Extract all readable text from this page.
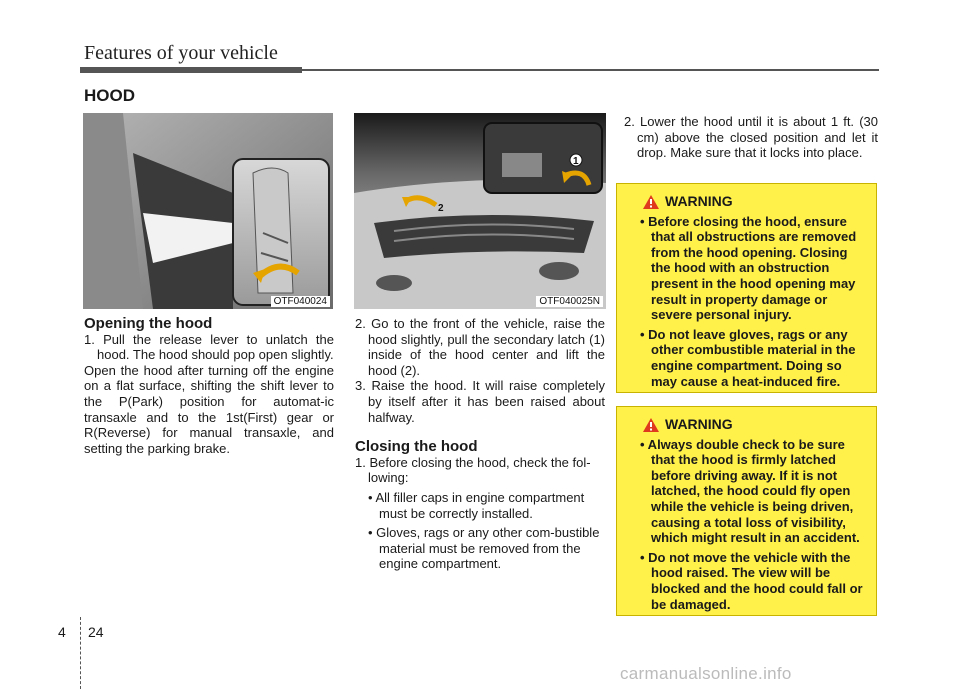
Features of your vehicle
HOOD
OTF040024
1
2
OTF040025N

Opening the hood

1. Pull the release lever to unlatch the hood. The hood should pop open slightly.

Open the hood after turning off the engine on a flat surface, shifting the shift lever to the P(Park) position for automat-ic transaxle and to the 1st(First) gear or R(Reverse) for manual transaxle, and setting the parking brake.

2. Go to the front of the vehicle, raise the hood slightly, pull the secondary latch (1) inside of the hood center and lift the hood (2).

3. Raise the hood. It will raise completely by itself after it has been raised about halfway.

Closing the hood

1. Before closing the hood, check the fol-lowing:

• All filler caps in engine compartment must be correctly installed.

• Gloves, rags or any other com-bustible material must be removed from the engine compartment.

2. Lower the hood until it is about 1 ft. (30 cm) above the closed position and let it drop. Make sure that it locks into place.

WARNING

• Before closing the hood, ensure that all obstructions are removed from the hood opening. Closing the hood with an obstruction present in the hood opening may result in property damage or severe personal injury.

• Do not leave gloves, rags or any other combustible material in the engine compartment. Doing so may cause a heat-induced fire.

WARNING

• Always double check to be sure that the hood is firmly latched before driving away. If it is not latched, the hood could fly open while the vehicle is being driven, causing a total loss of visibility, which might result in an accident.

• Do not move the vehicle with the hood raised. The view will be blocked and the hood could fall or be damaged.

4 24
carmanualsonline.info
